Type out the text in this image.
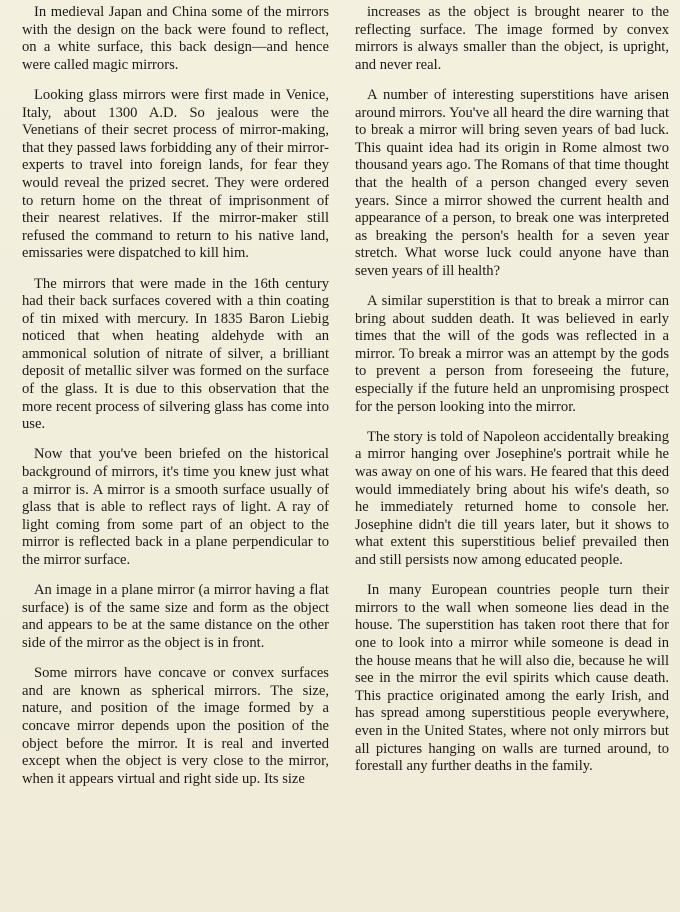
In medieval Japan and China some of the mirrors with the design on the back were found to reflect, on a white surface, this back design—and hence were called magic mirrors.

Looking glass mirrors were first made in Venice, Italy, about 1300 A.D. So jealous were the Venetians of their secret process of mirror-making, that they passed laws forbidding any of their mirror-experts to travel into foreign lands, for fear they would reveal the prized secret. They were ordered to return home on the threat of imprisonment of their nearest relatives. If the mirror-maker still refused the command to return to his native land, emissaries were dispatched to kill him.

The mirrors that were made in the 16th century had their back surfaces covered with a thin coating of tin mixed with mercury. In 1835 Baron Liebig noticed that when heating aldehyde with an ammonical solution of nitrate of silver, a brilliant deposit of metallic silver was formed on the surface of the glass. It is due to this observation that the more recent process of silvering glass has come into use.

Now that you've been briefed on the historical background of mirrors, it's time you knew just what a mirror is. A mirror is a smooth surface usually of glass that is able to reflect rays of light. A ray of light coming from some part of an object to the mirror is reflected back in a plane perpendicular to the mirror surface.

An image in a plane mirror (a mirror having a flat surface) is of the same size and form as the object and appears to be at the same distance on the other side of the mirror as the object is in front.

Some mirrors have concave or convex surfaces and are known as spherical mirrors. The size, nature, and position of the image formed by a concave mirror depends upon the position of the object before the mirror. It is real and inverted except when the object is very close to the mirror, when it appears virtual and right side up. Its size

increases as the object is brought nearer to the reflecting surface. The image formed by convex mirrors is always smaller than the object, is upright, and never real.

A number of interesting superstitions have arisen around mirrors. You've all heard the dire warning that to break a mirror will bring seven years of bad luck. This quaint idea had its origin in Rome almost two thousand years ago. The Romans of that time thought that the health of a person changed every seven years. Since a mirror showed the current health and appearance of a person, to break one was interpreted as breaking the person's health for a seven year stretch. What worse luck could anyone have than seven years of ill health?

A similar superstition is that to break a mirror can bring about sudden death. It was believed in early times that the will of the gods was reflected in a mirror. To break a mirror was an attempt by the gods to prevent a person from foreseeing the future, especially if the future held an unpromising prospect for the person looking into the mirror.

The story is told of Napoleon accidentally breaking a mirror hanging over Josephine's portrait while he was away on one of his wars. He feared that this deed would immediately bring about his wife's death, so he immediately returned home to console her. Josephine didn't die till years later, but it shows to what extent this superstitious belief prevailed then and still persists now among educated people.

In many European countries people turn their mirrors to the wall when someone lies dead in the house. The superstition has taken root there that for one to look into a mirror while someone is dead in the house means that he will also die, because he will see in the mirror the evil spirits which cause death. This practice originated among the early Irish, and has spread among superstitious people everywhere, even in the United States, where not only mirrors but all pictures hanging on walls are turned around, to forestall any further deaths in the family.
